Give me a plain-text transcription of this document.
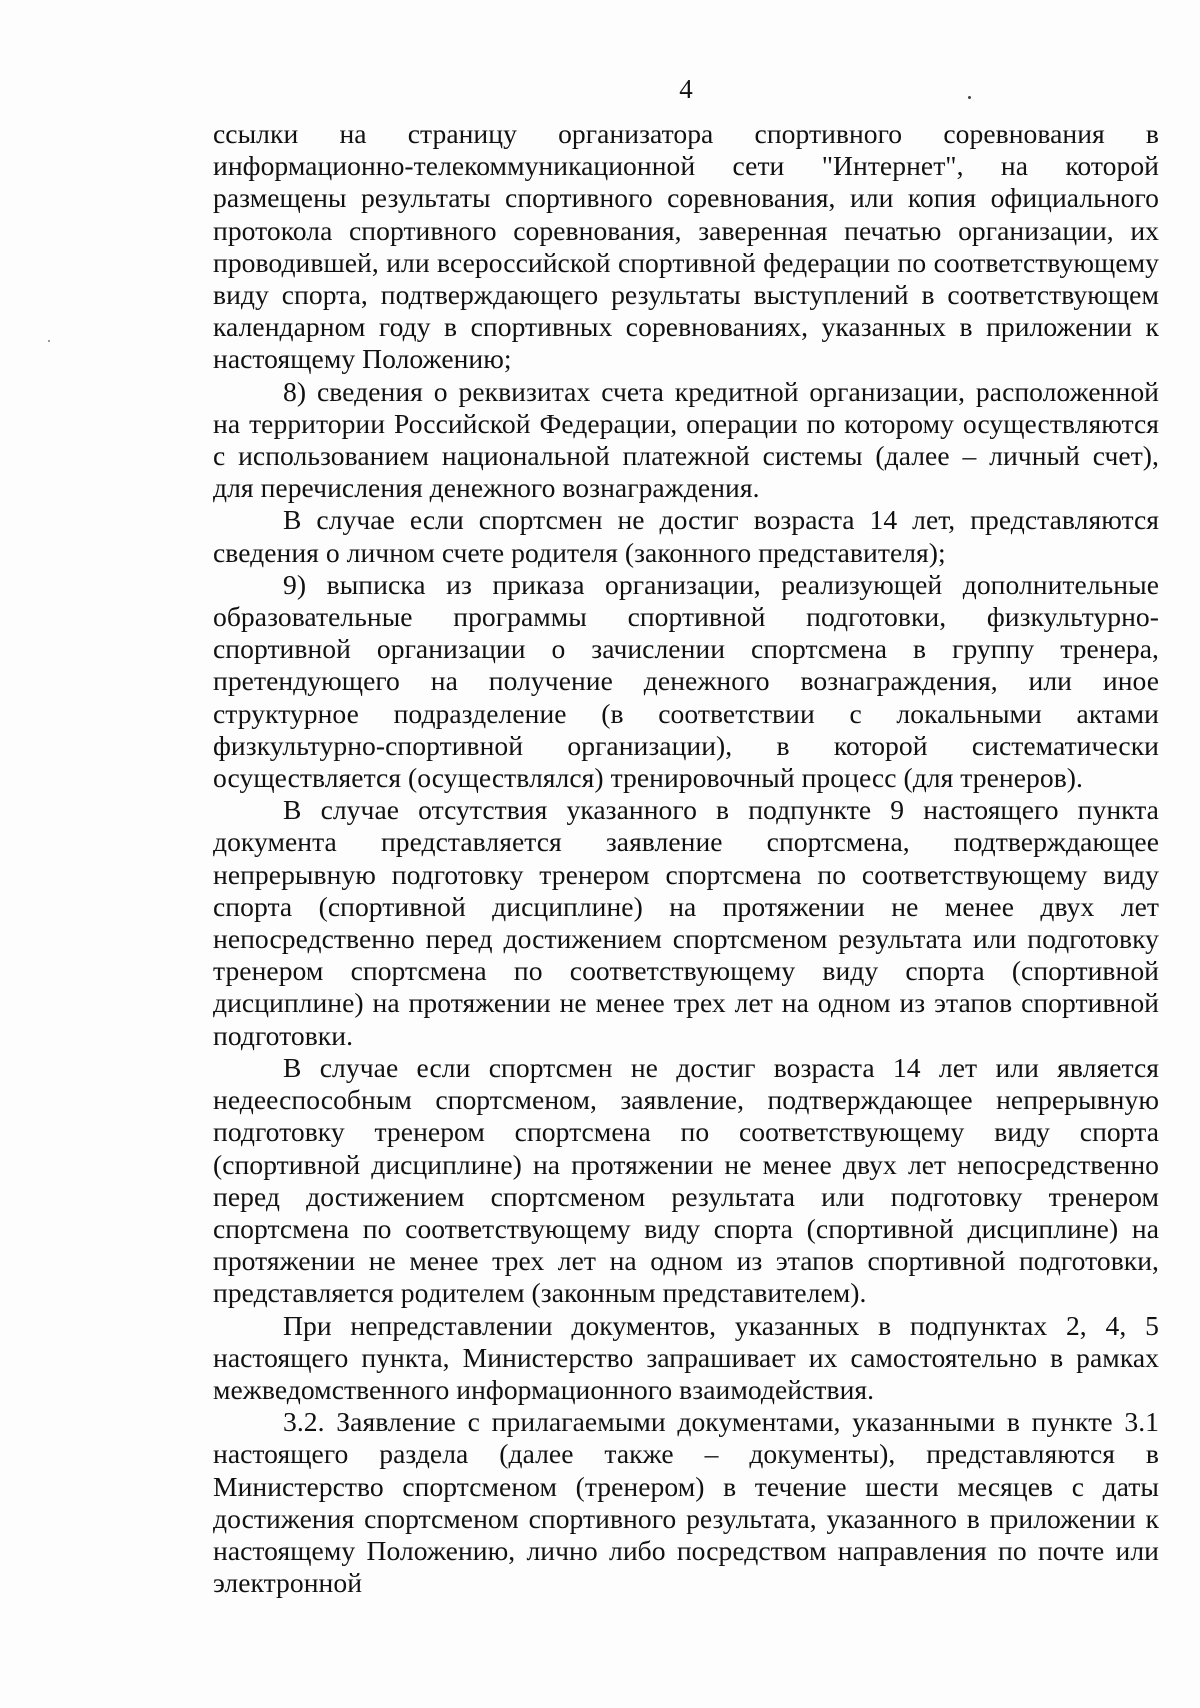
4

ссылки на страницу организатора спортивного соревнования в информационно-телекоммуникационной сети "Интернет", на которой размещены результаты спортивного соревнования, или копия официального протокола спортивного соревнования, заверенная печатью организации, их проводившей, или всероссийской спортивной федерации по соответствующему виду спорта, подтверждающего результаты выступлений в соответствующем календарном году в спортивных соревнованиях, указанных в приложении к настоящему Положению;

8) сведения о реквизитах счета кредитной организации, расположенной на территории Российской Федерации, операции по которому осуществляются с использованием национальной платежной системы (далее – личный счет), для перечисления денежного вознаграждения.

В случае если спортсмен не достиг возраста 14 лет, представляются сведения о личном счете родителя (законного представителя);

9) выписка из приказа организации, реализующей дополнительные образовательные программы спортивной подготовки, физкультурно-спортивной организации о зачислении спортсмена в группу тренера, претендующего на получение денежного вознаграждения, или иное структурное подразделение (в соответствии с локальными актами физкультурно-спортивной организации), в которой систематически осуществляется (осуществлялся) тренировочный процесс (для тренеров).

В случае отсутствия указанного в подпункте 9 настоящего пункта документа представляется заявление спортсмена, подтверждающее непрерывную подготовку тренером спортсмена по соответствующему виду спорта (спортивной дисциплине) на протяжении не менее двух лет непосредственно перед достижением спортсменом результата или подготовку тренером спортсмена по соответствующему виду спорта (спортивной дисциплине) на протяжении не менее трех лет на одном из этапов спортивной подготовки.

В случае если спортсмен не достиг возраста 14 лет или является недееспособным спортсменом, заявление, подтверждающее непрерывную подготовку тренером спортсмена по соответствующему виду спорта (спортивной дисциплине) на протяжении не менее двух лет непосредственно перед достижением спортсменом результата или подготовку тренером спортсмена по соответствующему виду спорта (спортивной дисциплине) на протяжении не менее трех лет на одном из этапов спортивной подготовки, представляется родителем (законным представителем).

При непредставлении документов, указанных в подпунктах 2, 4, 5 настоящего пункта, Министерство запрашивает их самостоятельно в рамках межведомственного информационного взаимодействия.

3.2. Заявление с прилагаемыми документами, указанными в пункте 3.1 настоящего раздела (далее также – документы), представляются в Министерство спортсменом (тренером) в течение шести месяцев с даты достижения спортсменом спортивного результата, указанного в приложении к настоящему Положению, лично либо посредством направления по почте или электронной
